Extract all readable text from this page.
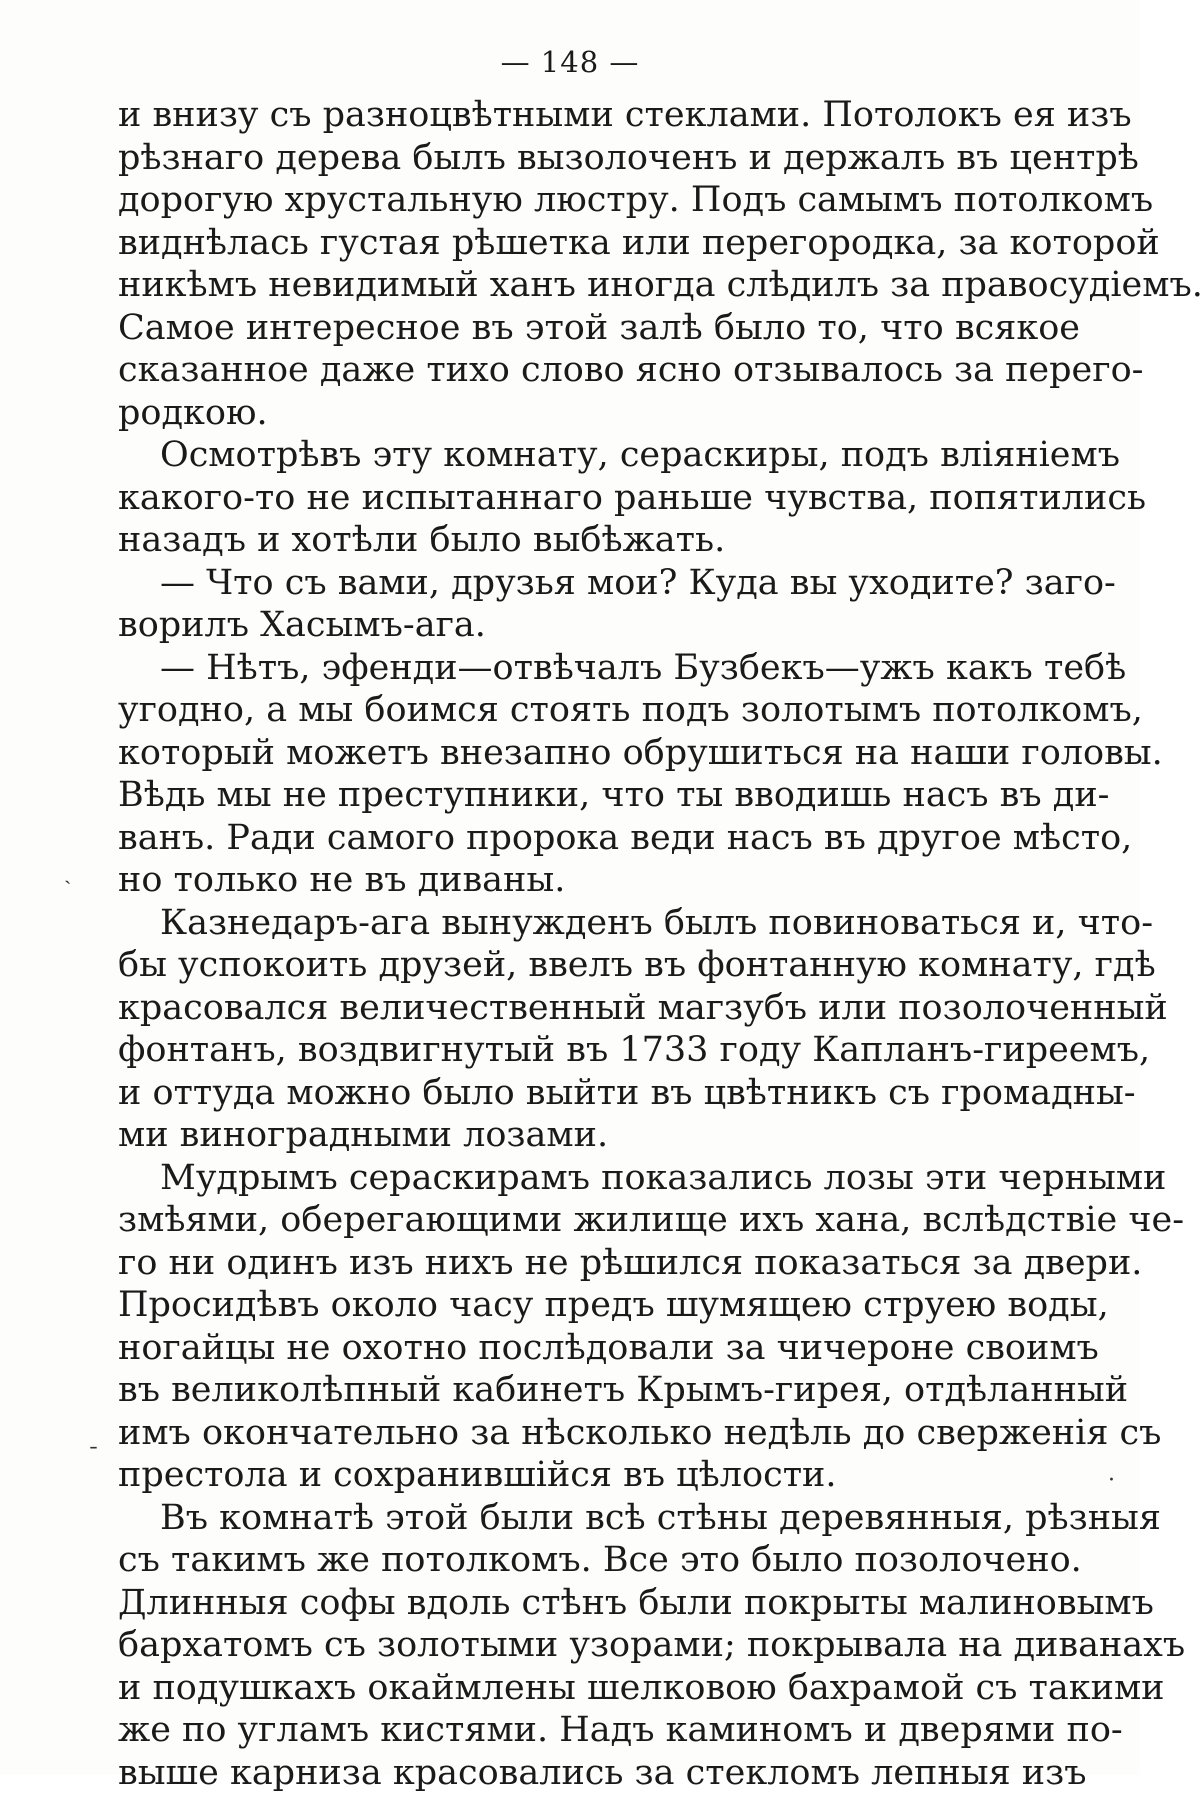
— 148 —

и внизу съ разноцвѣтными стеклами. Потолокъ ея изъ
рѣзнаго дерева былъ вызолоченъ и держалъ въ центрѣ
дорогую хрустальную люстру. Подъ самымъ потолкомъ
виднѣлась густая рѣшетка или перегородка, за которой
никѣмъ невидимый ханъ иногда слѣдилъ за правосудіемъ.
Самое интересное въ этой залѣ было то, что всякое
сказанное даже тихо слово ясно отзывалось за перего-
родкою.

Осмотрѣвъ эту комнату, сераскиры, подъ вліяніемъ
какого-то не испытаннаго раньше чувства, попятились
назадъ и хотѣли было выбѣжать.

— Что съ вами, друзья мои? Куда вы уходите? заго-
ворилъ Хасымъ-ага.

— Нѣтъ, эфенди—отвѣчалъ Бузбекъ—ужъ какъ тебѣ
угодно, а мы боимся стоять подъ золотымъ потолкомъ,
который можетъ внезапно обрушиться на наши головы.
Вѣдь мы не преступники, что ты вводишь насъ въ ди-
ванъ. Ради самого пророка веди насъ въ другое мѣсто,
но только не въ диваны.

Казнедаръ-ага вынужденъ былъ повиноваться и, что-
бы успокоить друзей, ввелъ въ фонтанную комнату, гдѣ
красовался величественный магзубъ или позолоченный
фонтанъ, воздвигнутый въ 1733 году Капланъ-гиреемъ,
и оттуда можно было выйти въ цвѣтникъ съ громадны-
ми виноградными лозами.

Мудрымъ сераскирамъ показались лозы эти черными
змѣями, оберегающими жилище ихъ хана, вслѣдствіе че-
го ни одинъ изъ нихъ не рѣшился показаться за двери.
Просидѣвъ около часу предъ шумящею струею воды,
ногайцы не охотно послѣдовали за чичероне своимъ
въ великолѣпный кабинетъ Крымъ-гирея, отдѣланный
имъ окончательно за нѣсколько недѣль до сверженія съ
престола и сохранившійся въ цѣлости.

Въ комнатѣ этой были всѣ стѣны деревянныя, рѣзныя
съ такимъ же потолкомъ. Все это было позолочено.
Длинныя софы вдоль стѣнъ были покрыты малиновымъ
бархатомъ съ золотыми узорами; покрывала на диванахъ
и подушкахъ окаймлены шелковою бахрамой съ такими
же по угламъ кистями. Надъ каминомъ и дверями по-
выше карниза красовались за стекломъ лепныя изъ

ˎ
ˍ
·
